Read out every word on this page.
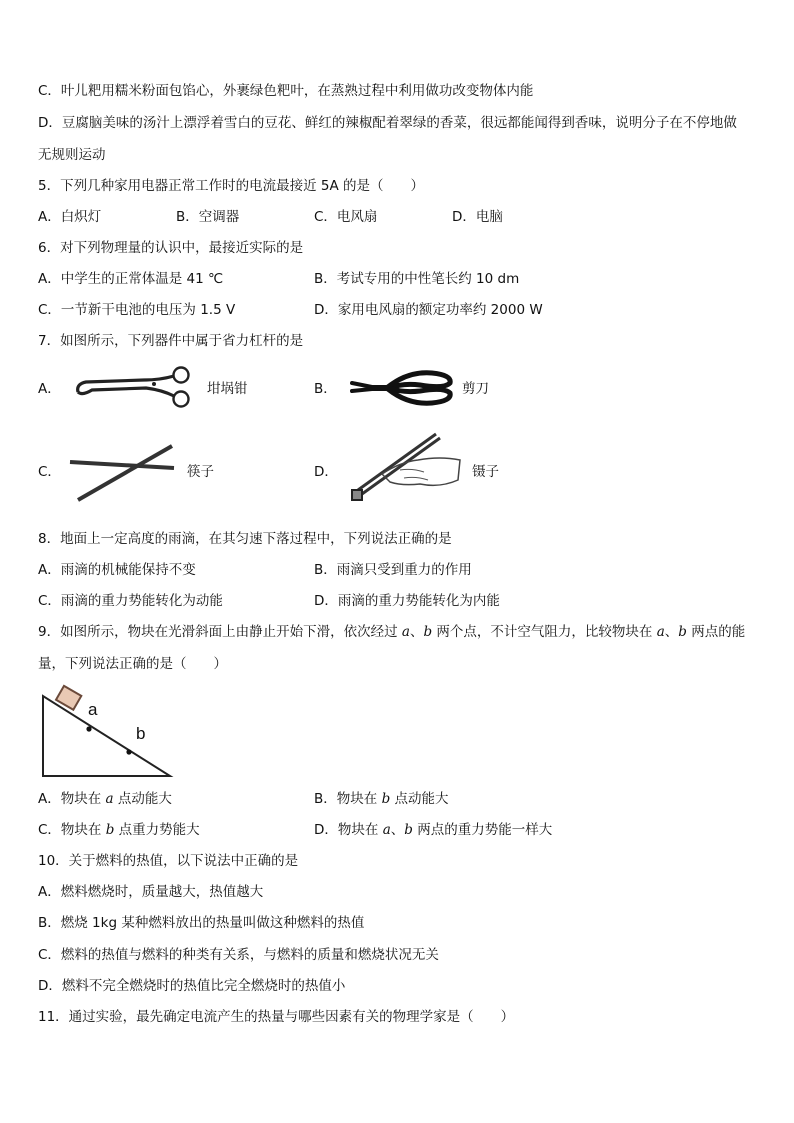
C．叶儿粑用糯米粉面包馅心，外裹绿色粑叶，在蒸熟过程中利用做功改变物体内能
D．豆腐脑美味的汤汁上漂浮着雪白的豆花、鲜红的辣椒配着翠绿的香菜，很远都能闻得到香味，说明分子在不停地做
无规则运动
5．下列几种家用电器正常工作时的电流最接近 5A 的是（　　）
A．白炽灯	B．空调器	C．电风扇	D．电脑
6．对下列物理量的认识中，最接近实际的是
A．中学生的正常体温是 41 ℃	B．考试专用的中性笔长约 10 dm
C．一节新干电池的电压为 1.5 V	D．家用电风扇的额定功率约 2000 W
7．如图所示，下列器件中属于省力杠杆的是
A．	坩埚钳	B．	剪刀
C．	筷子	D．	镊子
8．地面上一定高度的雨滴，在其匀速下落过程中，下列说法正确的是
A．雨滴的机械能保持不变	B．雨滴只受到重力的作用
C．雨滴的重力势能转化为动能	D．雨滴的重力势能转化为内能
9．如图所示，物块在光滑斜面上由静止开始下滑，依次经过 a、b 两个点，不计空气阻力，比较物块在 a、b 两点的能
量，下列说法正确的是（　　）
a
b
A．物块在 a 点动能大	B．物块在 b 点动能大
C．物块在 b 点重力势能大	D．物块在 a、b 两点的重力势能一样大
10．关于燃料的热值，以下说法中正确的是
A．燃料燃烧时，质量越大，热值越大
B．燃烧 1kg 某种燃料放出的热量叫做这种燃料的热值
C．燃料的热值与燃料的种类有关系，与燃料的质量和燃烧状况无关
D．燃料不完全燃烧时的热值比完全燃烧时的热值小
11．通过实验，最先确定电流产生的热量与哪些因素有关的物理学家是（　　）
